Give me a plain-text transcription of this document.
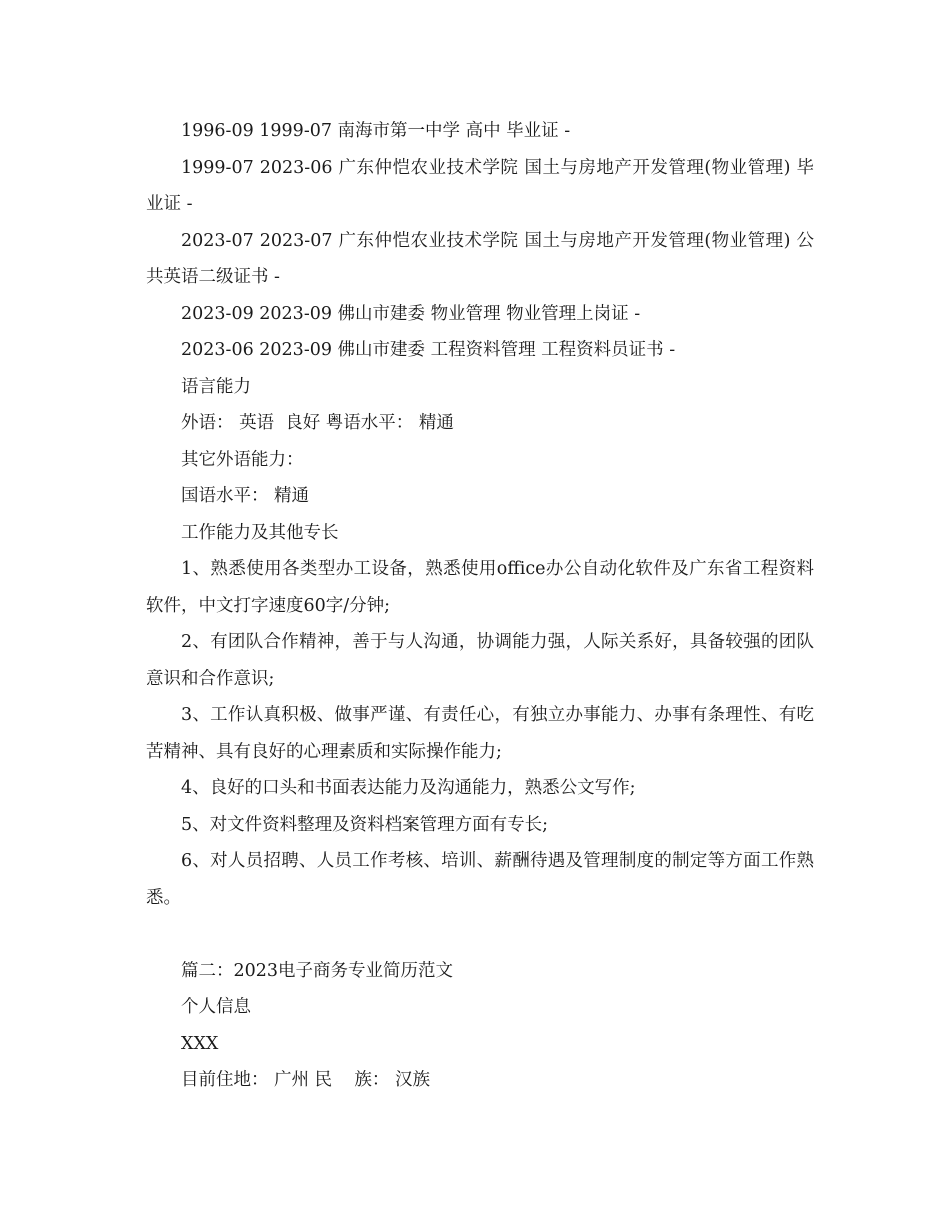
1996-09 1999-07 南海市第一中学 高中 毕业证 -

1999-07 2023-06 广东仲恺农业技术学院 国土与房地产开发管理(物业管理) 毕业证 -

2023-07 2023-07 广东仲恺农业技术学院 国土与房地产开发管理(物业管理) 公共英语二级证书 -

2023-09 2023-09 佛山市建委 物业管理 物业管理上岗证 -

2023-06 2023-09 佛山市建委 工程资料管理 工程资料员证书 -

语言能力

外语： 英语  良好 粤语水平： 精通

其它外语能力：

国语水平： 精通

工作能力及其他专长

1、熟悉使用各类型办工设备，熟悉使用office办公自动化软件及广东省工程资料软件，中文打字速度60字/分钟;

2、有团队合作精神，善于与人沟通，协调能力强，人际关系好，具备较强的团队意识和合作意识;

3、工作认真积极、做事严谨、有责任心，有独立办事能力、办事有条理性、有吃苦精神、具有良好的心理素质和实际操作能力;

4、良好的口头和书面表达能力及沟通能力，熟悉公文写作;

5、对文件资料整理及资料档案管理方面有专长;

6、对人员招聘、人员工作考核、培训、薪酬待遇及管理制度的制定等方面工作熟悉。

篇二：2023电子商务专业简历范文

个人信息

XXX

目前住地： 广州 民    族： 汉族
